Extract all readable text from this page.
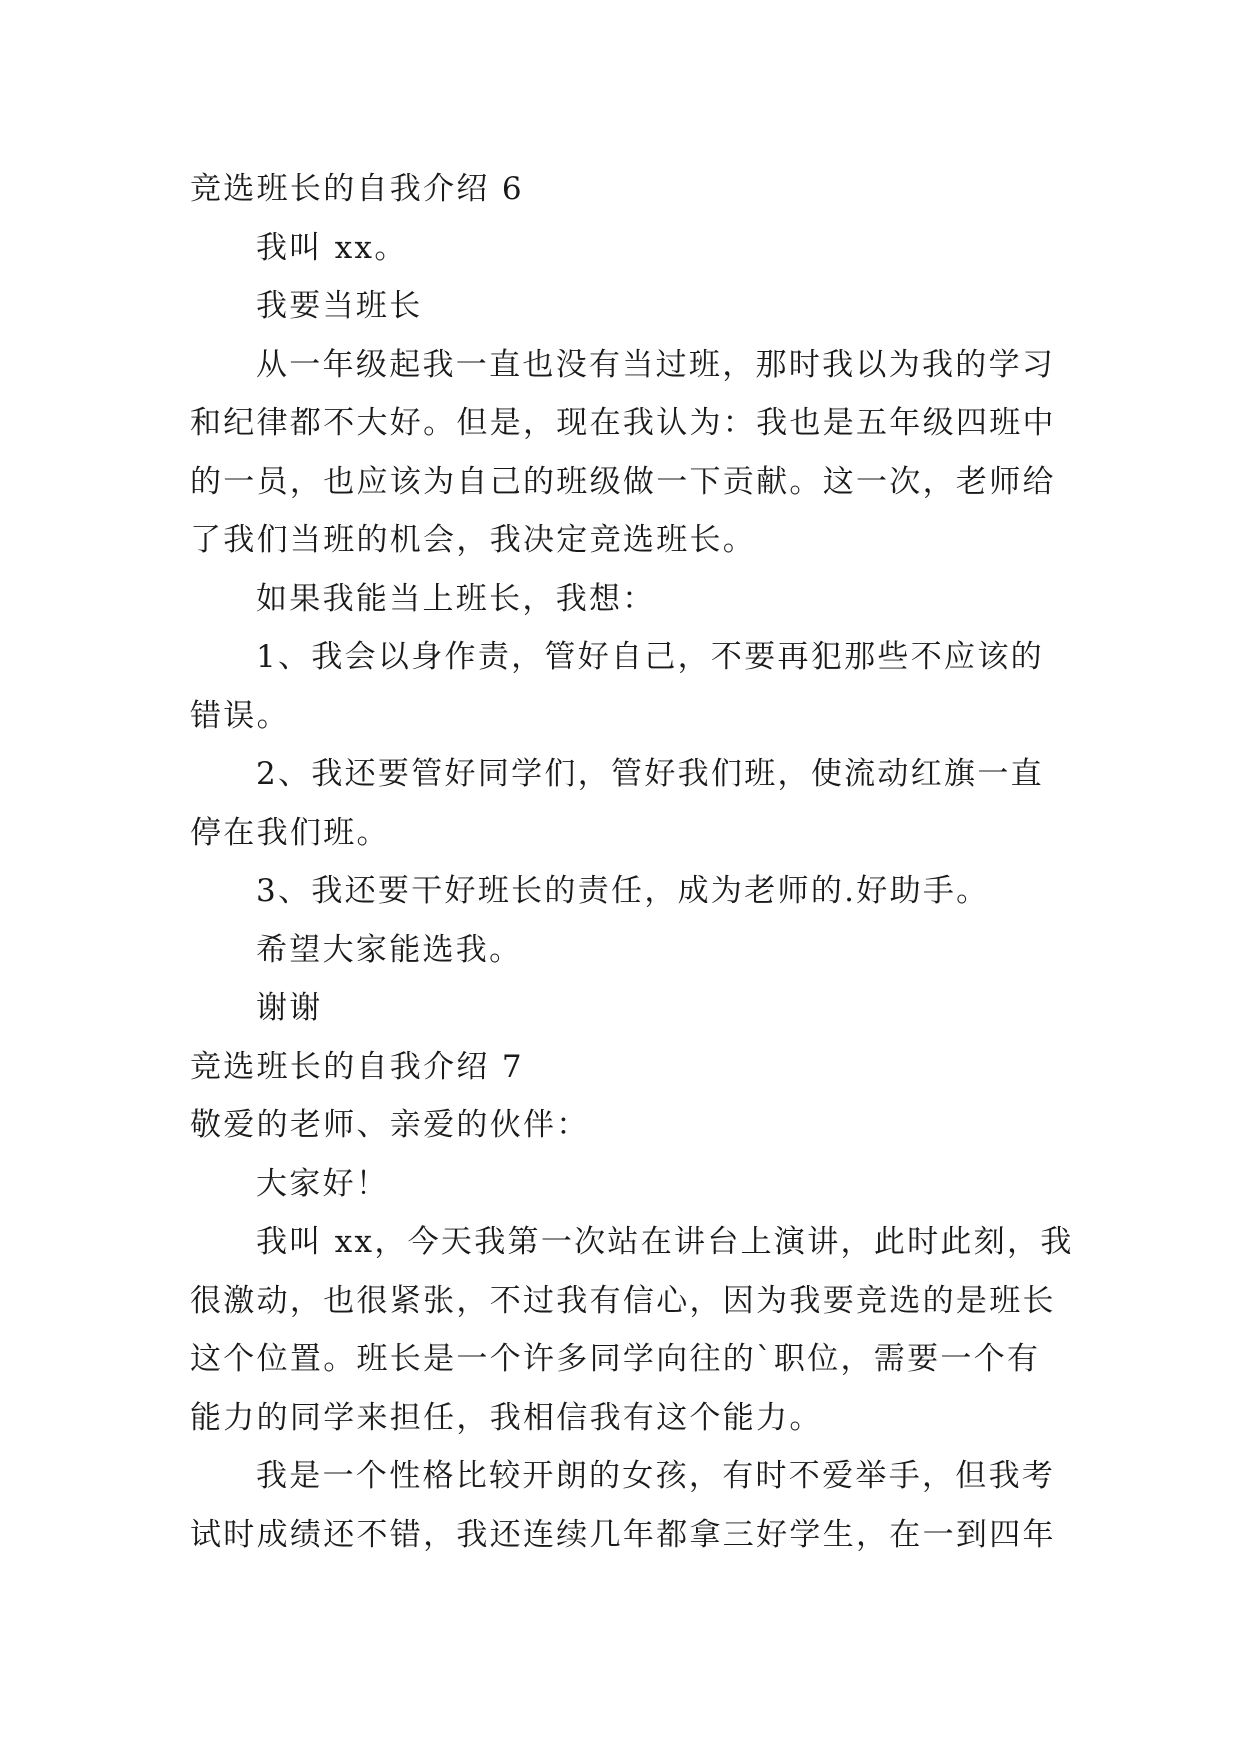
竞选班长的自我介绍 6
我叫 xx。
我要当班长
从一年级起我一直也没有当过班，那时我以为我的学习
和纪律都不大好。但是，现在我认为：我也是五年级四班中
的一员，也应该为自己的班级做一下贡献。这一次，老师给
了我们当班的机会，我决定竞选班长。
如果我能当上班长，我想：
1、我会以身作责，管好自己，不要再犯那些不应该的
错误。
2、我还要管好同学们，管好我们班，使流动红旗一直
停在我们班。
3、我还要干好班长的责任，成为老师的.好助手。
希望大家能选我。
谢谢
竞选班长的自我介绍 7
敬爱的老师、亲爱的伙伴：
大家好！
我叫 xx，今天我第一次站在讲台上演讲，此时此刻，我
很激动，也很紧张，不过我有信心，因为我要竞选的是班长
这个位置。班长是一个许多同学向往的`职位，需要一个有
能力的同学来担任，我相信我有这个能力。
我是一个性格比较开朗的女孩，有时不爱举手，但我考
试时成绩还不错，我还连续几年都拿三好学生，在一到四年
